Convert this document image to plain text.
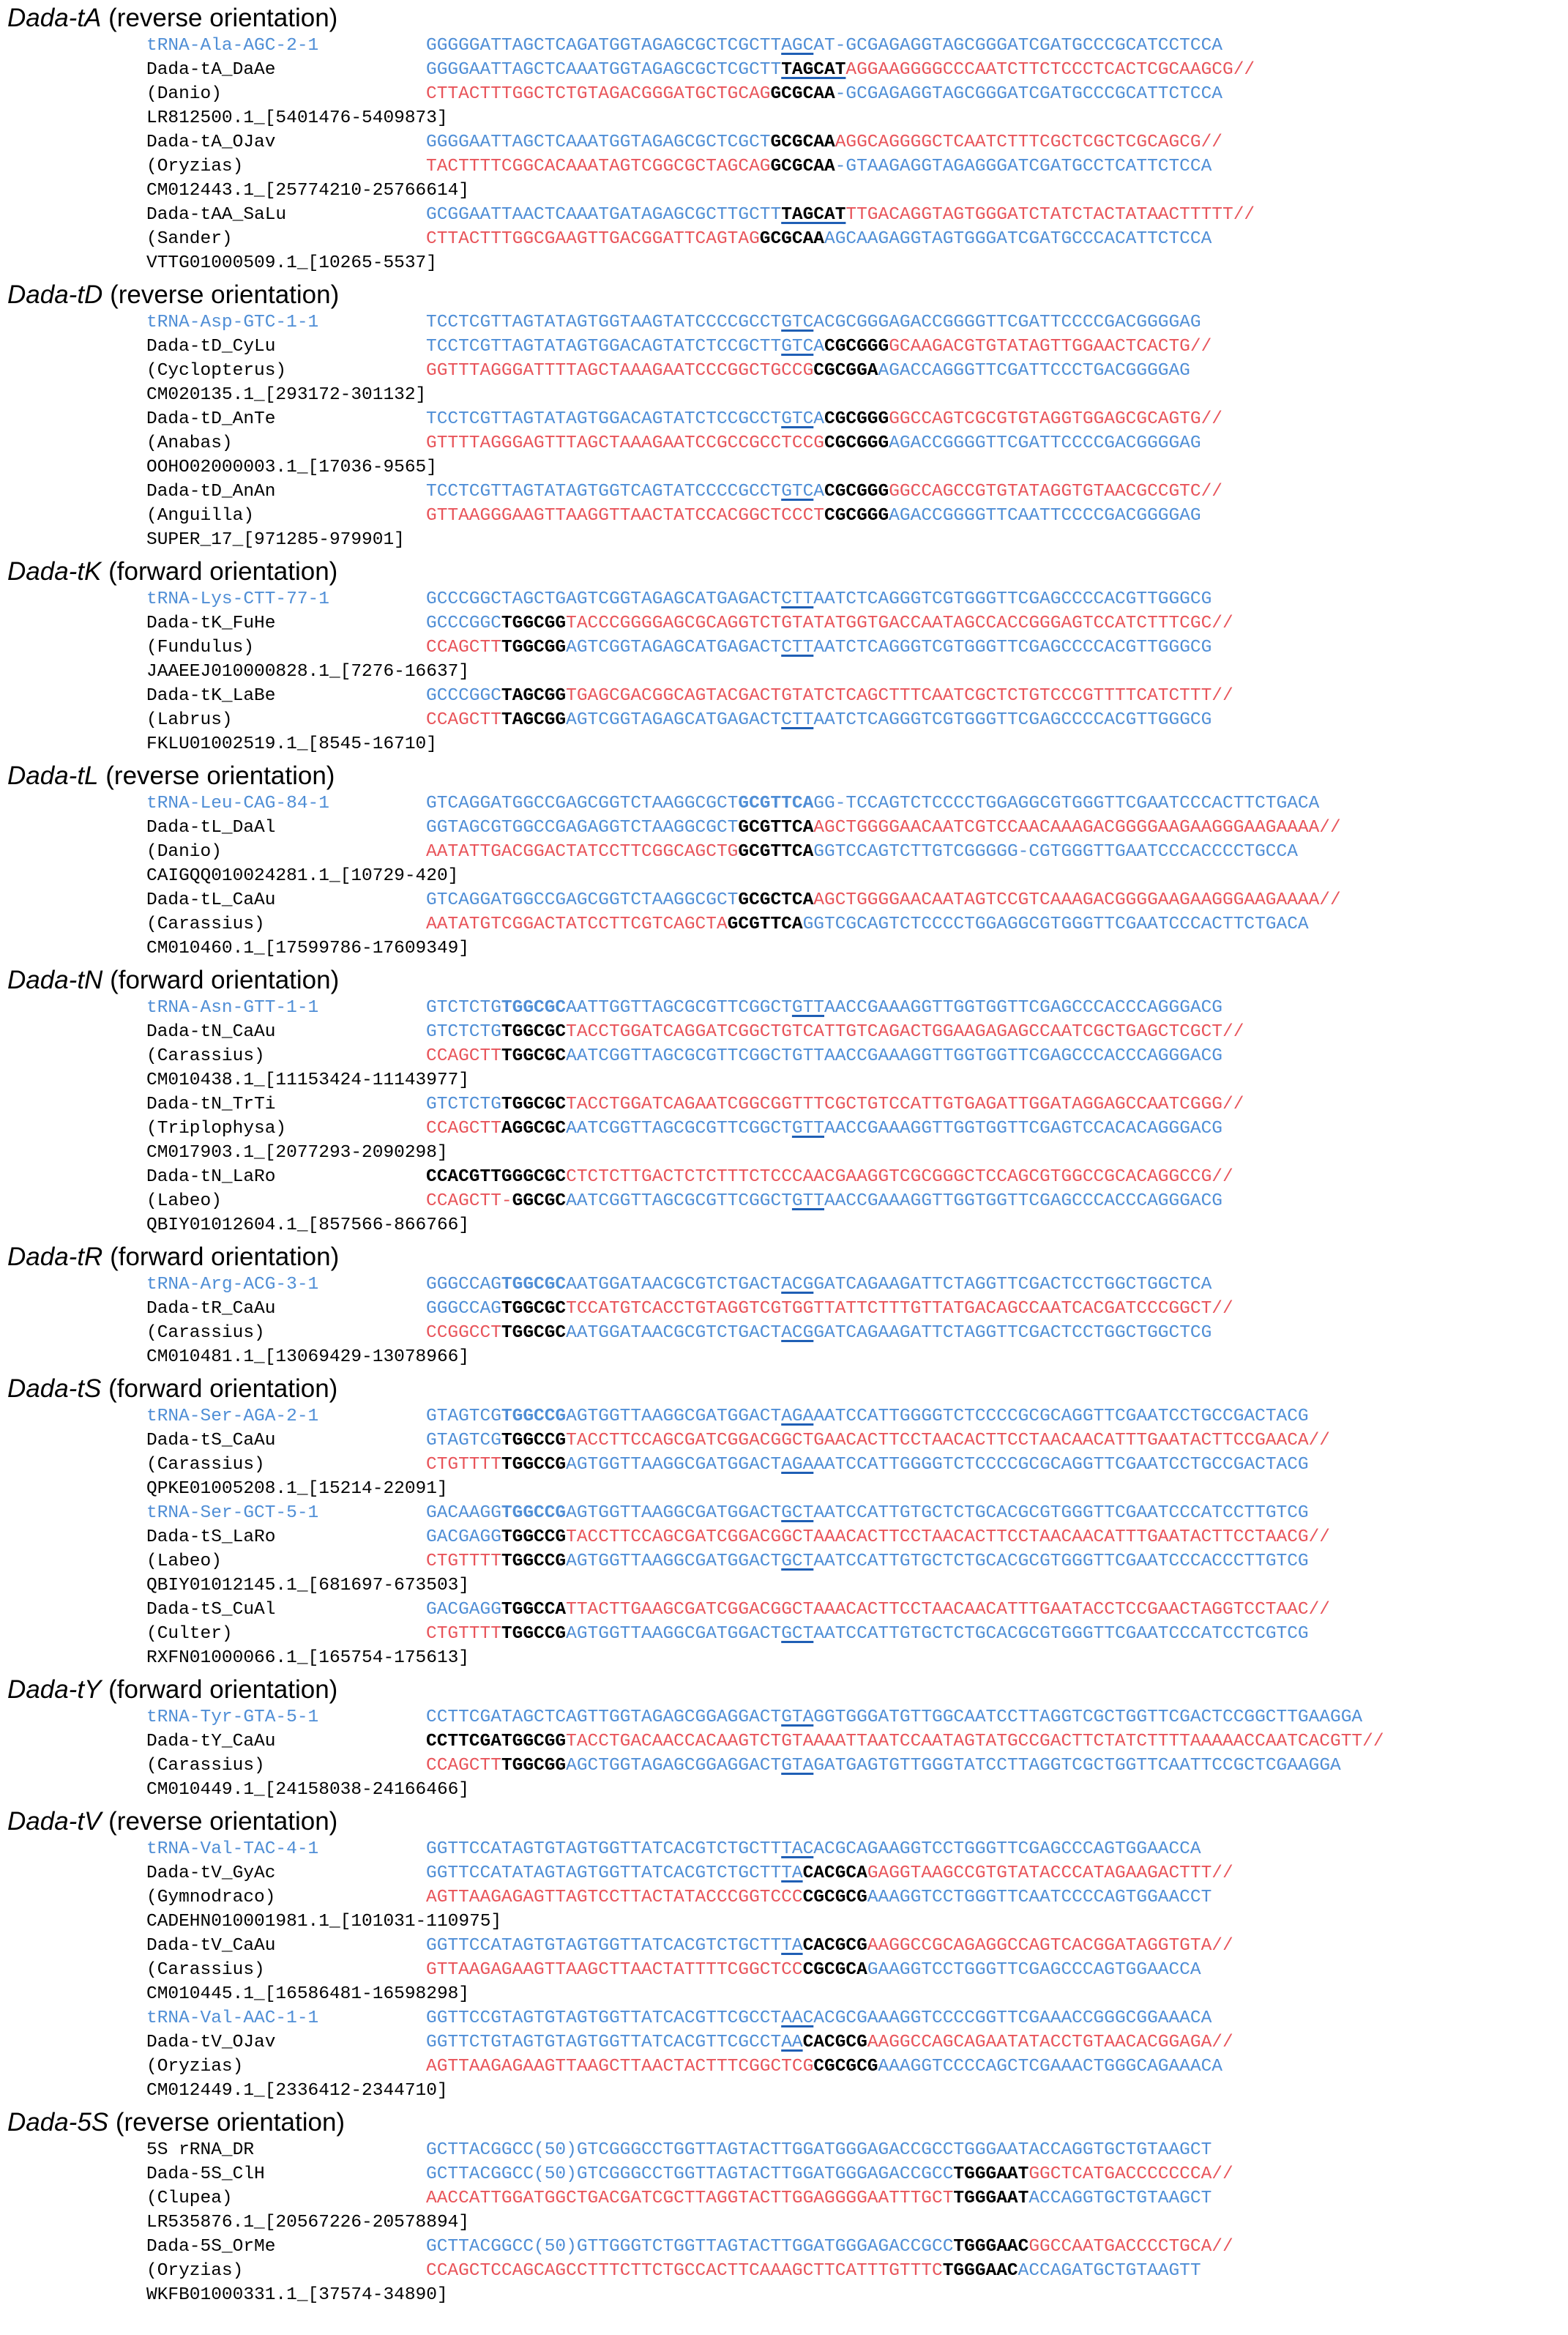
Dada-tA (reverse orientation)
tRNA-Ala-AGC-2-1	GGGGGATTAGCTCAGATGGTAGAGCGCTCGCTTAGCAT-GCGAGAGGTAGCGGGATCGATGCCCGCATCCTCCA
Dada-tA_DaAe	GGGGAATTAGCTCAAATGGTAGAGCGCTCGCTTTAGCATAGGAAGGGGCCCAATCTTCTCCCTCACTCGCAAGCG//
(Danio)	CTTACTTTGGCTCTGTAGACGGGATGCTGCAGGCGCAA-GCGAGAGGTAGCGGGATCGATGCCCGCATTCTCCA
LR812500.1_[5401476-5409873]
Dada-tA_OJav	GGGGAATTAGCTCAAATGGTAGAGCGCTCGCTGCGCAAAGGCAGGGGCTCAATCTTTCGCTCGCTCGCAGCG//
(Oryzias)	TACTTTTCGGCACAAATAGTCGGCGCTAGCAGGCGCAA-GTAAGAGGTAGAGGGATCGATGCCTCATTCTCCA
CM012443.1_[25774210-25766614]
Dada-tAA_SaLu	GCGGAATTAACTCAAATGATAGAGCGCTTGCTTTAGCATTTGACAGGTAGTGGGATCTATCTACTATAACTTTTT//
(Sander)	CTTACTTTGGCGAAGTTGACGGATTCAGTAGGCGCAAAGCAAGAGGTAGTGGGATCGATGCCCACATTCTCCA
VTTG01000509.1_[10265-5537]
Dada-tD (reverse orientation)
tRNA-Asp-GTC-1-1	TCCTCGTTAGTATAGTGGTAAGTATCCCCGCCTGTCACGCGGGAGACCGGGGTTCGATTCCCCGACGGGGAG
Dada-tD_CyLu	TCCTCGTTAGTATAGTGGACAGTATCTCCGCTTGTCACGCGGGGCAAGACGTGTATAGTTGGAACTCACTG//
(Cyclopterus)	GGTTTAGGGATTTTAGCTAAAGAATCCCGGCTGCCGCGCGGAAGACCAGGGTTCGATTCCCTGACGGGGAG
CM020135.1_[293172-301132]
Dada-tD_AnTe	TCCTCGTTAGTATAGTGGACAGTATCTCCGCCTGTCACGCGGGGGCCAGTCGCGTGTAGGTGGAGCGCAGTG//
(Anabas)	GTTTTAGGGAGTTTAGCTAAAGAATCCGCCGCCTCCGCGCGGGAGACCGGGGTTCGATTCCCCGACGGGGAG
OOHO02000003.1_[17036-9565]
Dada-tD_AnAn	TCCTCGTTAGTATAGTGGTCAGTATCCCCGCCTGTCACGCGGGGGCCAGCCGTGTATAGGTGTAACGCCGTC//
(Anguilla)	GTTAAGGGAAGTTAAGGTTAACTATCCACGGCTCCCTCGCGGGAGACCGGGGTTCAATTCCCCGACGGGGAG
SUPER_17_[971285-979901]
Dada-tK (forward orientation)
tRNA-Lys-CTT-77-1	GCCCGGCTAGCTGAGTCGGTAGAGCATGAGACTCTTAATCTCAGGGTCGTGGGTTCGAGCCCCACGTTGGGCG
Dada-tK_FuHe	GCCCGGCTGGCGGTACCCGGGGAGCGCAGGTCTGTATATGGTGACCAATAGCCACCGGGAGTCCATCTTTCGC//
(Fundulus)	CCAGCTTTGGCGGAGTCGGTAGAGCATGAGACTCTTAATCTCAGGGTCGTGGGTTCGAGCCCCACGTTGGGCG
JAAEEJ010000828.1_[7276-16637]
Dada-tK_LaBe	GCCCGGCTAGCGGTGAGCGACGGCAGTACGACTGTATCTCAGCTTTCAATCGCTCTGTCCCGTTTTCATCTTT//
(Labrus)	CCAGCTTTAGCGGAGTCGGTAGAGCATGAGACTCTTAATCTCAGGGTCGTGGGTTCGAGCCCCACGTTGGGCG
FKLU01002519.1_[8545-16710]
Dada-tL (reverse orientation)
tRNA-Leu-CAG-84-1	GTCAGGATGGCCGAGCGGTCTAAGGCGCTGCGTTCAGG-TCCAGTCTCCCCTGGAGGCGTGGGTTCGAATCCCACTTCTGACA
Dada-tL_DaAl	GGTAGCGTGGCCGAGAGGTCTAAGGCGCTGCGTTCAAGCTGGGGAACAATCGTCCAACAAAGACGGGGAAGAAGGGAAGAAAA//
(Danio)	AATATTGACGGACTATCCTTCGGCAGCTGGCGTTCAGGTCCAGTCTTGTCGGGGG-CGTGGGTTGAATCCCACCCCTGCCA
CAIGQQ010024281.1_[10729-420]
Dada-tL_CaAu	GTCAGGATGGCCGAGCGGTCTAAGGCGCTGCGCTCAAGCTGGGGAACAATAGTCCGTCAAAGACGGGGAAGAAGGGAAGAAAA//
(Carassius)	AATATGTCGGACTATCCTTCGTCAGCTAGCGTTCAGGTCGCAGTCTCCCCTGGAGGCGTGGGTTCGAATCCCACTTCTGACA
CM010460.1_[17599786-17609349]
Dada-tN (forward orientation)
tRNA-Asn-GTT-1-1	GTCTCTGTGGCGCAATTGGTTAGCGCGTTCGGCTGTTAACCGAAAGGTTGGTGGTTCGAGCCCACCCAGGGACG
Dada-tN_CaAu	GTCTCTGTGGCGCTACCTGGATCAGGATCGGCTGTCATTGTCAGACTGGAAGAGAGCCAATCGCTGAGCTCGCT//
(Carassius)	CCAGCTTTGGCGCAATCGGTTAGCGCGTTCGGCTGTTAACCGAAAGGTTGGTGGTTCGAGCCCACCCAGGGACG
CM010438.1_[11153424-11143977]
Dada-tN_TrTi	GTCTCTGTGGCGCTACCTGGATCAGAATCGGCGGTTTCGCTGTCCATTGTGAGATTGGATAGGAGCCAATCGGG//
(Triplophysa)	CCAGCTTAGGCGCAATCGGTTAGCGCGTTCGGCTGTTAACCGAAAGGTTGGTGGTTCGAGTCCACACAGGGACG
CM017903.1_[2077293-2090298]
Dada-tN_LaRo	CCACGTTGGGCGCCTCTCTTGACTCTCTTTCTCCCAACGAAGGTCGCGGGCTCCAGCGTGGCCGCACAGGCCG//
(Labeo)	CCAGCTT-GGCGCAATCGGTTAGCGCGTTCGGCTGTTAACCGAAAGGTTGGTGGTTCGAGCCCACCCAGGGACG
QBIY01012604.1_[857566-866766]
Dada-tR (forward orientation)
tRNA-Arg-ACG-3-1	GGGCCAGTGGCGCAATGGATAACGCGTCTGACTACGGATCAGAAGATTCTAGGTTCGACTCCTGGCTGGCTCA
Dada-tR_CaAu	GGGCCAGTGGCGCTCCATGTCACCTGTAGGTCGTGGTTATTCTTTGTTATGACAGCCAATCACGATCCCGGCT//
(Carassius)	CCGGCCTTGGCGCAATGGATAACGCGTCTGACTACGGATCAGAAGATTCTAGGTTCGACTCCTGGCTGGCTCG
CM010481.1_[13069429-13078966]
Dada-tS (forward orientation)
tRNA-Ser-AGA-2-1	GTAGTCGTGGCCGAGTGGTTAAGGCGATGGACTAGAAATCCATTGGGGTCTCCCCGCGCAGGTTCGAATCCTGCCGACTACG
Dada-tS_CaAu	GTAGTCGTGGCCGTACCTTCCAGCGATCGGACGGCTGAACACTTCCTAACACTTCCTAACAACATTTGAATACTTCCGAACA//
(Carassius)	CTGTTTTTGGCCGAGTGGTTAAGGCGATGGACTAGAAATCCATTGGGGTCTCCCCGCGCAGGTTCGAATCCTGCCGACTACG
QPKE01005208.1_[15214-22091]
tRNA-Ser-GCT-5-1	GACAAGGTGGCCGAGTGGTTAAGGCGATGGACTGCTAATCCATTGTGCTCTGCACGCGTGGGTTCGAATCCCATCCTTGTCG
Dada-tS_LaRo	GACGAGGTGGCCGTACCTTCCAGCGATCGGACGGCTAAACACTTCCTAACACTTCCTAACAACATTTGAATACTTCCTAACG//
(Labeo)	CTGTTTTTGGCCGAGTGGTTAAGGCGATGGACTGCTAATCCATTGTGCTCTGCACGCGTGGGTTCGAATCCCACCCTTGTCG
QBIY01012145.1_[681697-673503]
Dada-tS_CuAl	GACGAGGTGGCCATTACTTGAAGCGATCGGACGGCTAAACACTTCCTAACAACATTTGAATACCTCCGAACTAGGTCCTAAC//
(Culter)	CTGTTTTTGGCCGAGTGGTTAAGGCGATGGACTGCTAATCCATTGTGCTCTGCACGCGTGGGTTCGAATCCCATCCTCGTCG
RXFN01000066.1_[165754-175613]
Dada-tY (forward orientation)
tRNA-Tyr-GTA-5-1	CCTTCGATAGCTCAGTTGGTAGAGCGGAGGACTGTAGGTGGGATGTTGGCAATCCTTAGGTCGCTGGTTCGACTCCGGCTTGAAGGA
Dada-tY_CaAu	CCTTCGATGGCGGTACCTGACAACCACAAGTCTGTAAAATTAATCCAATAGTATGCCGACTTCTATCTTTTAAAAACCAATCACGTT//
(Carassius)	CCAGCTTTGGCGGAGCTGGTAGAGCGGAGGACTGTAGATGAGTGTTGGGTATCCTTAGGTCGCTGGTTCAATTCCGCTCGAAGGA
CM010449.1_[24158038-24166466]
Dada-tV (reverse orientation)
tRNA-Val-TAC-4-1	GGTTCCATAGTGTAGTGGTTATCACGTCTGCTTTACACGCAGAAGGTCCTGGGTTCGAGCCCAGTGGAACCA
Dada-tV_GyAc	GGTTCCATATAGTAGTGGTTATCACGTCTGCTTTACACGCAGAGGTAAGCCGTGTATACCCATAGAAGACTTT//
(Gymnodraco)	AGTTAAGAGAGTTAGTCCTTACTATACCCGGTCCCCGCGCGAAAGGTCCTGGGTTCAATCCCCAGTGGAACCT
CADEHN010001981.1_[101031-110975]
Dada-tV_CaAu	GGTTCCATAGTGTAGTGGTTATCACGTCTGCTTTACACGCGAAGGCCGCAGAGGCCAGTCACGGATAGGTGTA//
(Carassius)	GTTAAGAGAAGTTAAGCTTAACTATTTTCGGCTCCCGCGCAGAAGGTCCTGGGTTCGAGCCCAGTGGAACCA
CM010445.1_[16586481-16598298]
tRNA-Val-AAC-1-1	GGTTCCGTAGTGTAGTGGTTATCACGTTCGCCTAACACGCGAAAGGTCCCCGGTTCGAAACCGGGCGGAAACA
Dada-tV_OJav	GGTTCTGTAGTGTAGTGGTTATCACGTTCGCCTAACACGCGAAGGCCAGCAGAATATACCTGTAACACGGAGA//
(Oryzias)	AGTTAAGAGAAGTTAAGCTTAACTACTTTCGGCTCGCGCGCGAAAGGTCCCCAGCTCGAAACTGGGCAGAAACA
CM012449.1_[2336412-2344710]
Dada-5S (reverse orientation)
5S rRNA_DR	GCTTACGGCC(50)GTCGGGCCTGGTTAGTACTTGGATGGGAGACCGCCTGGGAATACCAGGTGCTGTAAGCT
Dada-5S_ClH	GCTTACGGCC(50)GTCGGGCCTGGTTAGTACTTGGATGGGAGACCGCCTGGGAATGGCTCATGACCCCCCCA//
(Clupea)	AACCATTGGATGGCTGACGATCGCTTAGGTACTTGGAGGGGAATTTGCTTGGGAATACCAGGTGCTGTAAGCT
LR535876.1_[20567226-20578894]
Dada-5S_OrMe	GCTTACGGCC(50)GTTGGGTCTGGTTAGTACTTGGATGGGAGACCGCCTGGGAACGGCCAATGACCCCTGCA//
(Oryzias)	CCAGCTCCAGCAGCCTTTCTTCTGCCACTTCAAAGCTTCATTTGTTTCTGGGAACACCAGATGCTGTAAGTT
WKFB01000331.1_[37574-34890]
